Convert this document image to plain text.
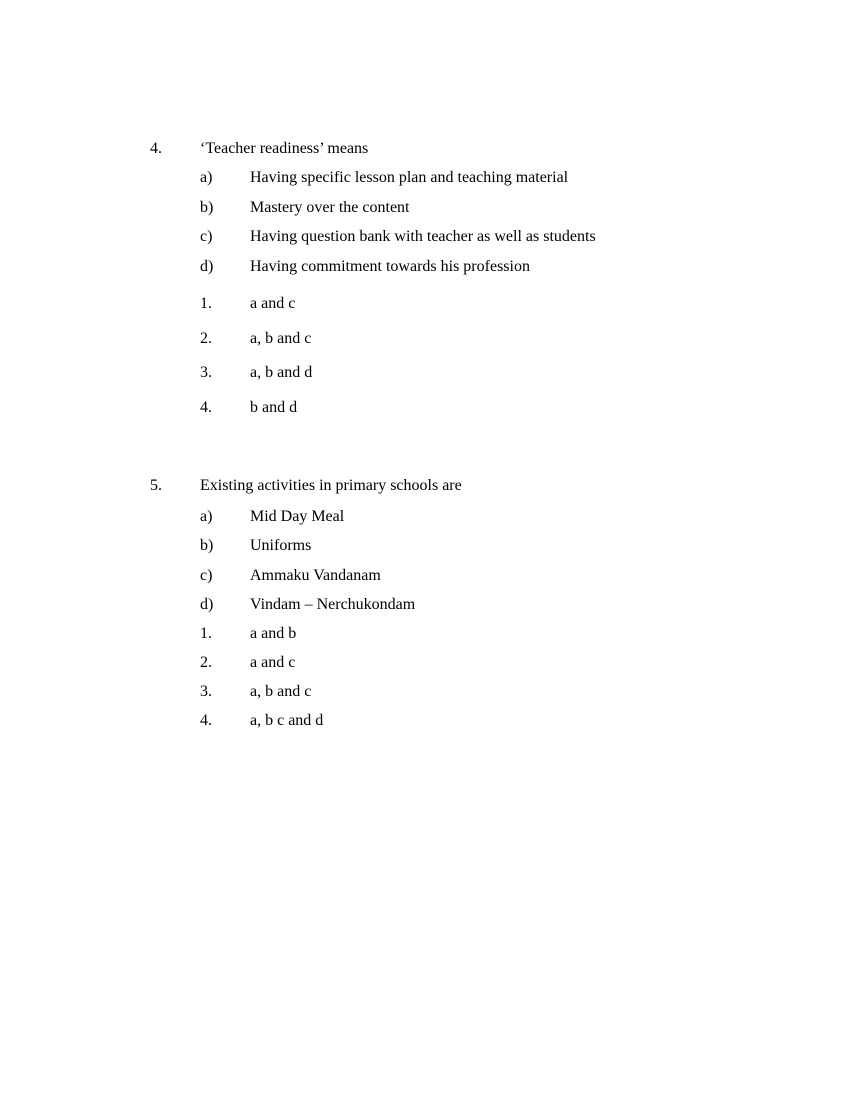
4. ‘Teacher readiness’ means
a) Having specific lesson plan and teaching material
b) Mastery over the content
c) Having question bank with teacher as well as students
d) Having commitment towards his profession
1. a and c
2. a, b and c
3. a, b and d
4. b and d
5. Existing activities in primary schools are
a) Mid Day Meal
b) Uniforms
c) Ammaku Vandanam
d) Vindam – Nerchukondam
1. a and b
2. a and c
3. a, b and c
4. a, b c and d
